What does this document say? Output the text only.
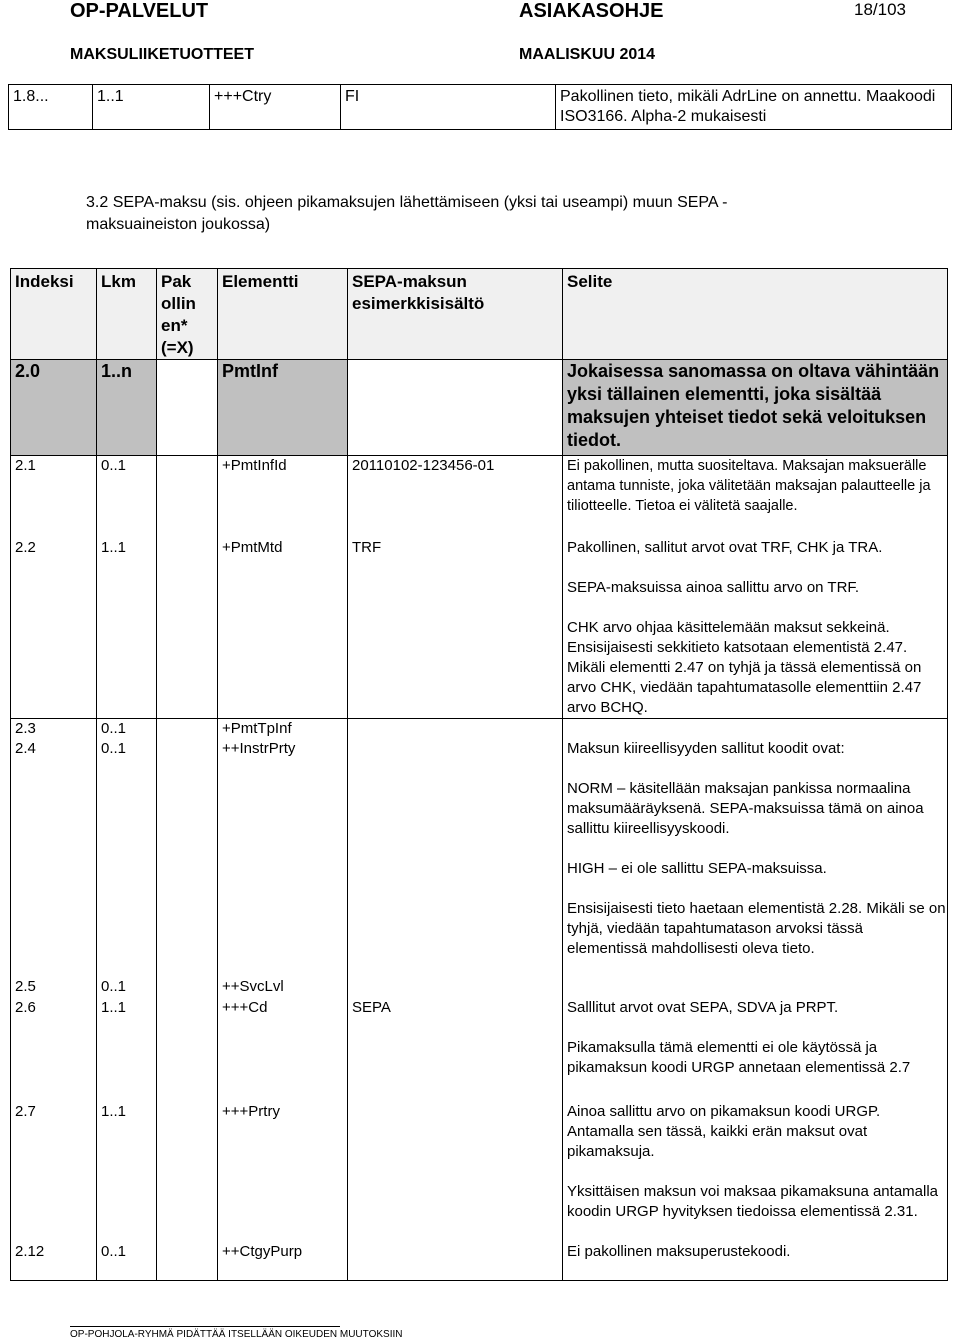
OP-PALVELUT	ASIAKASOHJE	18/103
MAKSULIIKETUOTTEET	MAALISKUU 2014
1.8...	1..1	+++Ctry	FI	Pakollinen tieto, mikäli AdrLine on annettu. Maakoodi ISO3166. Alpha-2 mukaisesti
3.2 SEPA-maksu (sis. ohjeen pikamaksujen lähettämiseen (yksi tai useampi) muun SEPA -
maksuaineiston joukossa)
Indeksi	Lkm	Pak ollin en* (=X)	Elementti	SEPA-maksun esimerkkisisältö	Selite
2.0	1..n		PmtInf		Jokaisessa sanomassa on oltava vähintään yksi tällainen elementti, joka sisältää maksujen yhteiset tiedot sekä veloituksen tiedot.
2.1	0..1		+PmtInfId	20110102-123456-01	Ei pakollinen, mutta suositeltava. Maksajan maksuerälle antama tunniste, joka välitetään maksajan palautteelle ja tiliotteelle. Tietoa ei välitetä saajalle.
2.2	1..1		+PmtMtd	TRF	Pakollinen, sallitut arvot ovat TRF, CHK ja TRA.
SEPA-maksuissa ainoa sallittu arvo on TRF.
CHK arvo ohjaa käsittelemään maksut sekkeinä. Ensisijaisesti sekkitieto katsotaan elementistä 2.47. Mikäli elementti 2.47 on tyhjä ja tässä elementissä on arvo CHK, viedään tapahtumatasolle elementtiin 2.47 arvo BCHQ.

2.3	0..1		+PmtTpInf		
2.4	0..1		++InstrPrty		Maksun kiireellisyyden sallitut koodit ovat:
NORM – käsitellään maksajan pankissa normaalina maksumääräyksenä. SEPA-maksuissa tämä on ainoa sallittu kiireellisyyskoodi.
HIGH – ei ole sallittu SEPA-maksuissa.
Ensisijaisesti tieto haetaan elementistä 2.28. Mikäli se on tyhjä, viedään tapahtumatason arvoksi tässä elementissä mahdollisesti oleva tieto.

2.5	0..1		++SvcLvl		
2.6	1..1		+++Cd	SEPA	Salllitut arvot ovat SEPA, SDVA ja PRPT.
Pikamaksulla tämä elementti ei ole käytössä ja pikamaksun koodi URGP annetaan elementissä 2.7

2.7	1..1		+++Prtry		Ainoa sallittu arvo on pikamaksun koodi URGP. Antamalla sen tässä, kaikki erän maksut ovat pikamaksuja.
Yksittäisen maksun voi maksaa pikamaksuna antamalla koodin URGP hyvityksen tiedoissa elementissä 2.31.

2.12	0..1		++CtgyPurp		Ei pakollinen maksuperustekoodi.
OP-POHJOLA-RYHMÄ PIDÄTTÄÄ ITSELLÄÄN OIKEUDEN MUUTOKSIIN
